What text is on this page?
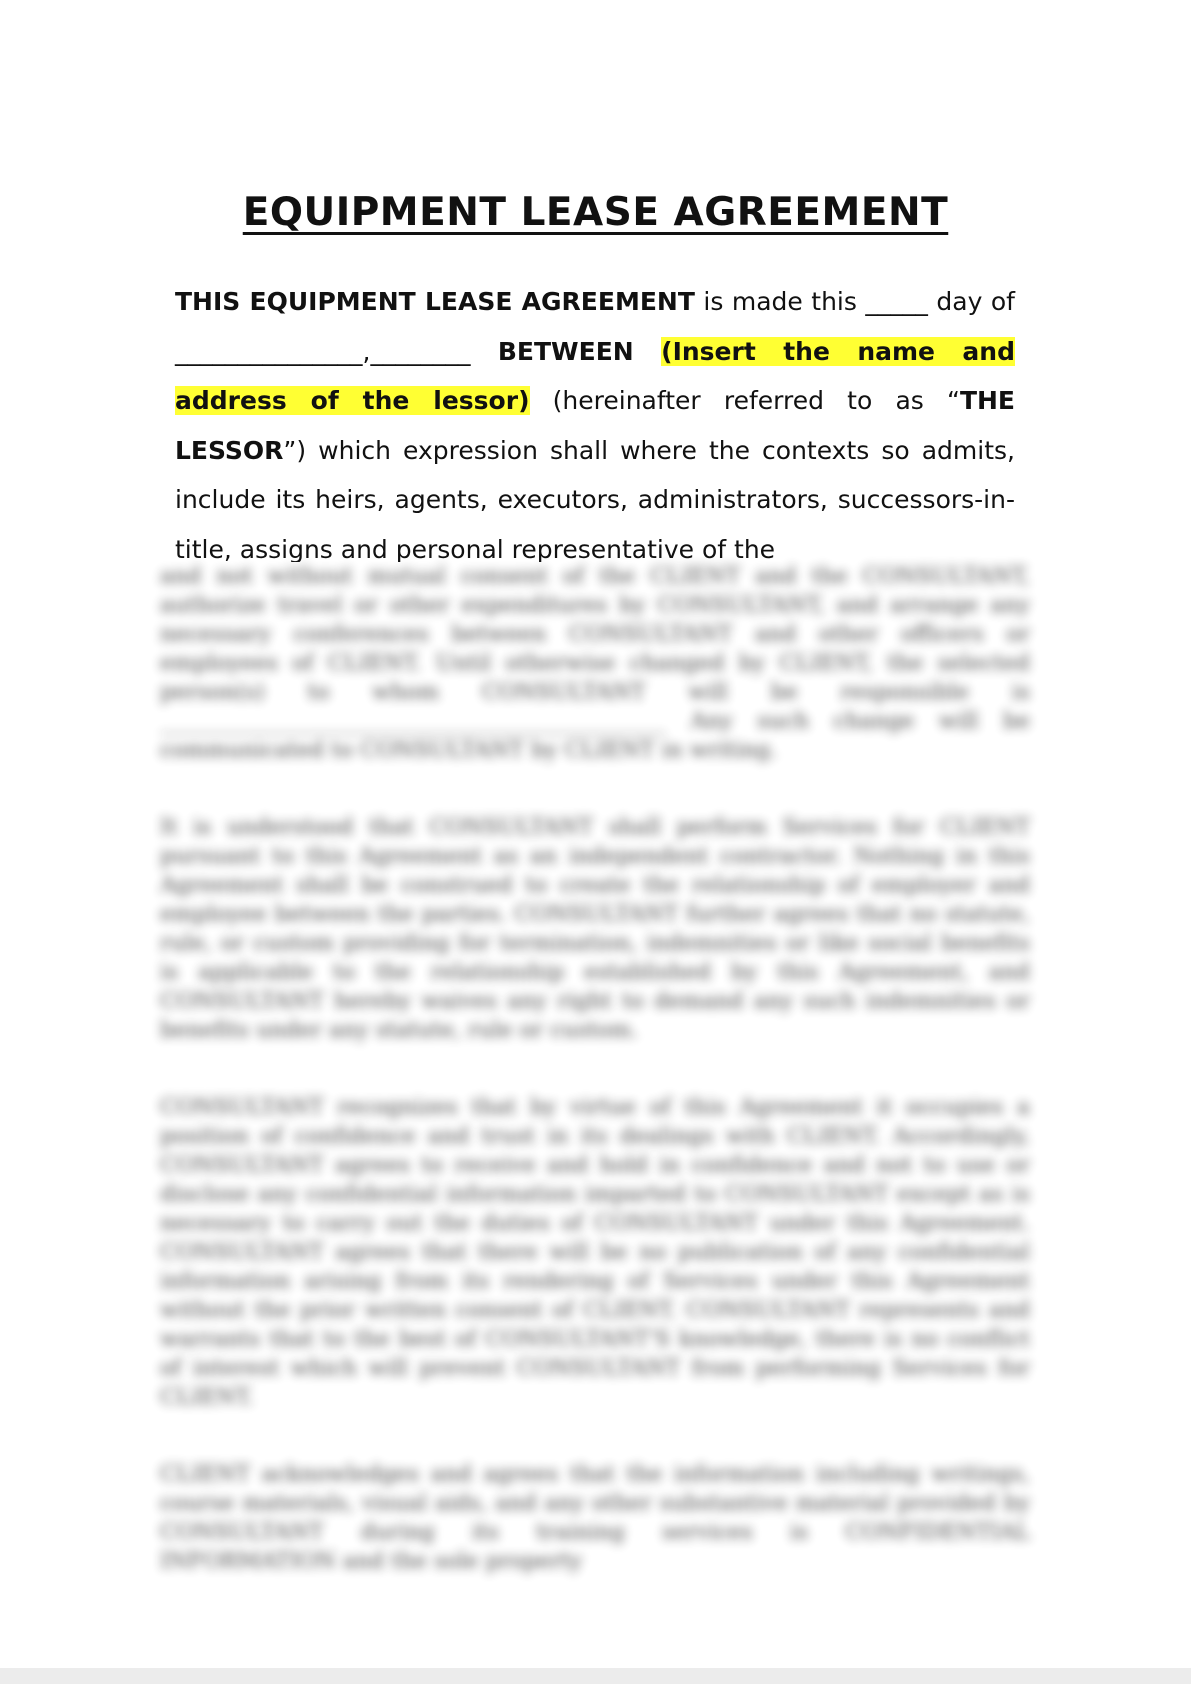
EQUIPMENT LEASE AGREEMENT

THIS EQUIPMENT LEASE AGREEMENT is made this _____ day of _______________,________ BETWEEN (Insert the name and address of the lessor) (hereinafter referred to as “THE LESSOR”) which expression shall where the contexts so admits, include its heirs, agents, executors, administrators, successors-in-title, assigns and personal representative of the

and not without mutual consent of the CLIENT and the CONSULTANT, authorize travel or other expenditures by CONSULTANT, and arrange any necessary conferences between CONSULTANT and other officers or employees of CLIENT. Until otherwise changed by CLIENT, the selected person(s) to whom CONSULTANT will be responsible is ______________________________________________ Any such change will be communicated to CONSULTANT by CLIENT in writing.

It is understood that CONSULTANT shall perform Services for CLIENT pursuant to this Agreement as an independent contractor. Nothing in this Agreement shall be construed to create the relationship of employer and employee between the parties. CONSULTANT further agrees that no statute, rule, or custom providing for termination, indemnities or like social benefits is applicable to the relationship established by this Agreement, and CONSULTANT hereby waives any right to demand any such indemnities or benefits under any statute, rule or custom.

CONSULTANT recognizes that by virtue of this Agreement it occupies a position of confidence and trust in its dealings with CLIENT. Accordingly, CONSULTANT agrees to receive and hold in confidence and not to use or disclose any confidential information imparted to CONSULTANT except as is necessary to carry out the duties of CONSULTANT under this Agreement. CONSULTANT agrees that there will be no publication of any confidential information arising from its rendering of Services under this Agreement without the prior written consent of CLIENT. CONSULTANT represents and warrants that to the best of CONSULTANT'S knowledge, there is no conflict of interest which will prevent CONSULTANT from performing Services for CLIENT.

CLIENT acknowledges and agrees that the information including writings, course materials, visual aids, and any other substantive material provided by CONSULTANT during its training services is CONFIDENTIAL INFORMATION and the sole property
